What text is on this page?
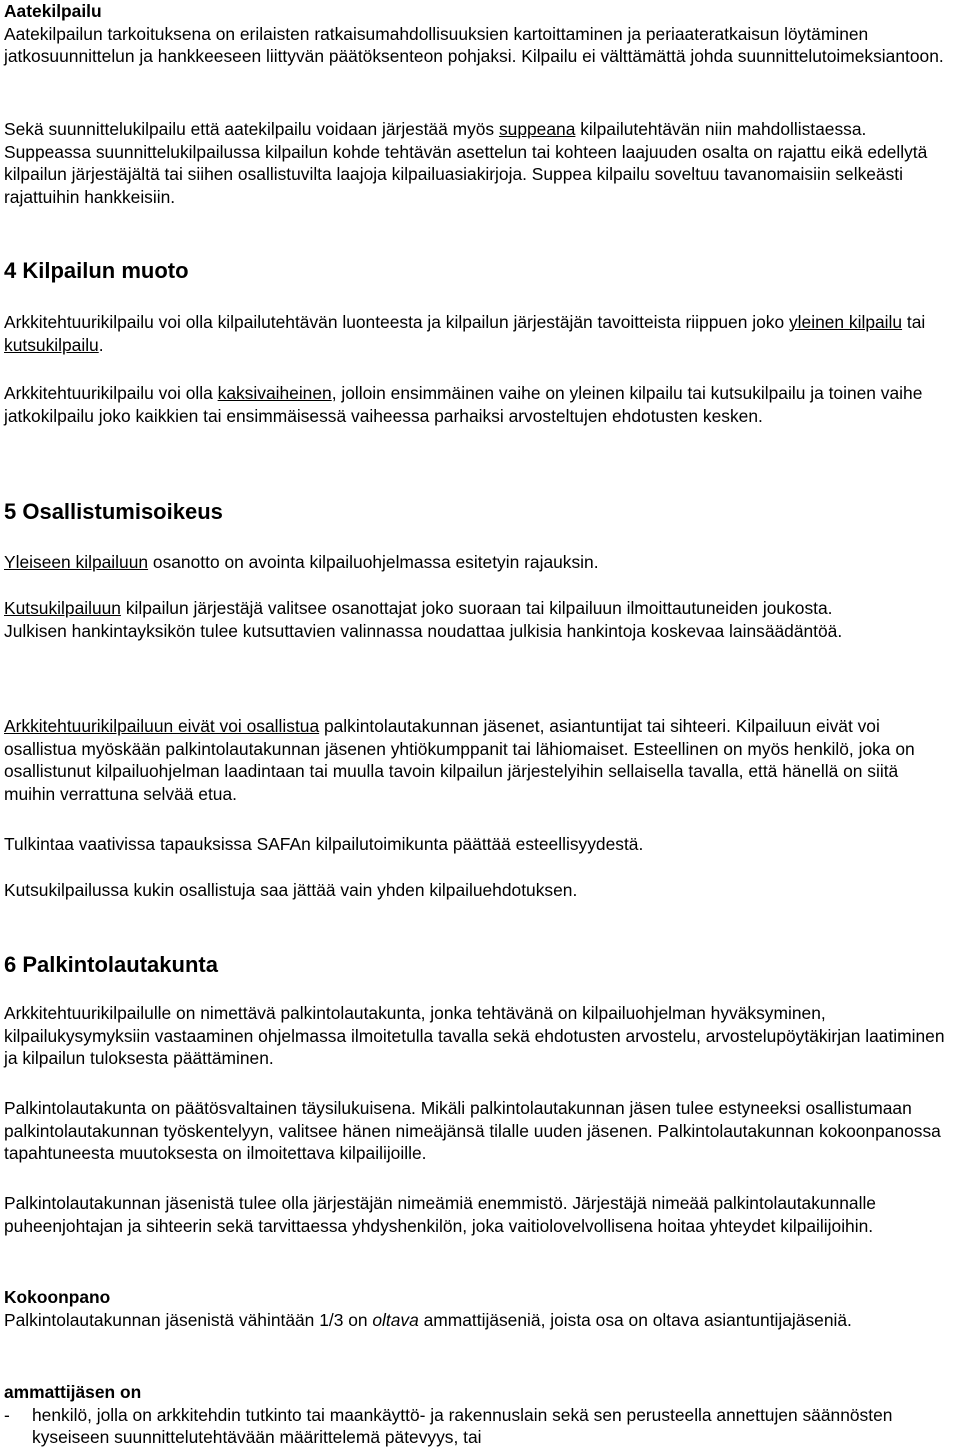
Aatekilpailu

Aatekilpailun tarkoituksena on erilaisten ratkaisumahdollisuuksien kartoittaminen ja periaateratkaisun löytäminen jatkosuunnittelun ja hankkeeseen liittyvän päätöksenteon pohjaksi. Kilpailu ei välttämättä johda suunnittelutoimeksiantoon.

Sekä suunnittelukilpailu että aatekilpailu voidaan järjestää myös suppeana kilpailutehtävän niin mahdollistaessa. Suppeassa suunnittelukilpailussa kilpailun kohde tehtävän asettelun tai kohteen laajuuden osalta on rajattu eikä edellytä kilpailun järjestäjältä tai siihen osallistuvilta laajoja kilpailuasiakirjoja. Suppea kilpailu soveltuu tavanomaisiin selkeästi rajattuihin hankkeisiin.

4 Kilpailun muoto

Arkkitehtuurikilpailu voi olla kilpailutehtävän luonteesta ja kilpailun järjestäjän tavoitteista riippuen joko yleinen kilpailu tai kutsukilpailu.

Arkkitehtuurikilpailu voi olla kaksivaiheinen, jolloin ensimmäinen vaihe on yleinen kilpailu tai kutsukilpailu ja toinen vaihe jatkokilpailu joko kaikkien tai ensimmäisessä vaiheessa parhaiksi arvosteltujen ehdotusten kesken.

5 Osallistumisoikeus

Yleiseen kilpailuun osanotto on avointa kilpailuohjelmassa esitetyin rajauksin.

Kutsukilpailuun kilpailun järjestäjä valitsee osanottajat joko suoraan tai kilpailuun ilmoittautuneiden joukosta.

Julkisen hankintayksikön tulee kutsuttavien valinnassa noudattaa julkisia hankintoja koskevaa lainsäädäntöä.

Arkkitehtuurikilpailuun eivät voi osallistua palkintolautakunnan jäsenet, asiantuntijat tai sihteeri. Kilpailuun eivät voi osallistua myöskään palkintolautakunnan jäsenen yhtiökumppanit tai lähiomaiset. Esteellinen on myös henkilö, joka on osallistunut kilpailuohjelman laadintaan tai muulla tavoin kilpailun järjestelyihin sellaisella tavalla, että hänellä on siitä muihin verrattuna selvää etua.

Tulkintaa vaativissa tapauksissa SAFAn kilpailutoimikunta päättää esteellisyydestä.

Kutsukilpailussa kukin osallistuja saa jättää vain yhden kilpailuehdotuksen.

6 Palkintolautakunta

Arkkitehtuurikilpailulle on nimettävä palkintolautakunta, jonka tehtävänä on kilpailuohjelman hyväksyminen, kilpailukysymyksiin vastaaminen ohjelmassa ilmoitetulla tavalla sekä ehdotusten arvostelu, arvostelupöytäkirjan laatiminen ja kilpailun tuloksesta päättäminen.

Palkintolautakunta on päätösvaltainen täysilukuisena. Mikäli palkintolautakunnan jäsen tulee estyneeksi osallistumaan palkintolautakunnan työskentelyyn, valitsee hänen nimeäjänsä tilalle uuden jäsenen. Palkintolautakunnan kokoonpanossa tapahtuneesta muutoksesta on ilmoitettava kilpailijoille.

Palkintolautakunnan jäsenistä tulee olla järjestäjän nimeämiä enemmistö. Järjestäjä nimeää palkintolautakunnalle puheenjohtajan ja sihteerin sekä tarvittaessa yhdyshenkilön, joka vaitiolovelvollisena hoitaa yhteydet kilpailijoihin.

Kokoonpano

Palkintolautakunnan jäsenistä vähintään 1/3 on oltava ammattijäseniä, joista osa on oltava asiantuntijajäseniä.

ammattijäsen on

-	henkilö, jolla on arkkitehdin tutkinto tai maankäyttö- ja rakennuslain sekä sen perusteella annettujen säännösten kyseiseen suunnittelutehtävään määrittelemä pätevyys, tai
